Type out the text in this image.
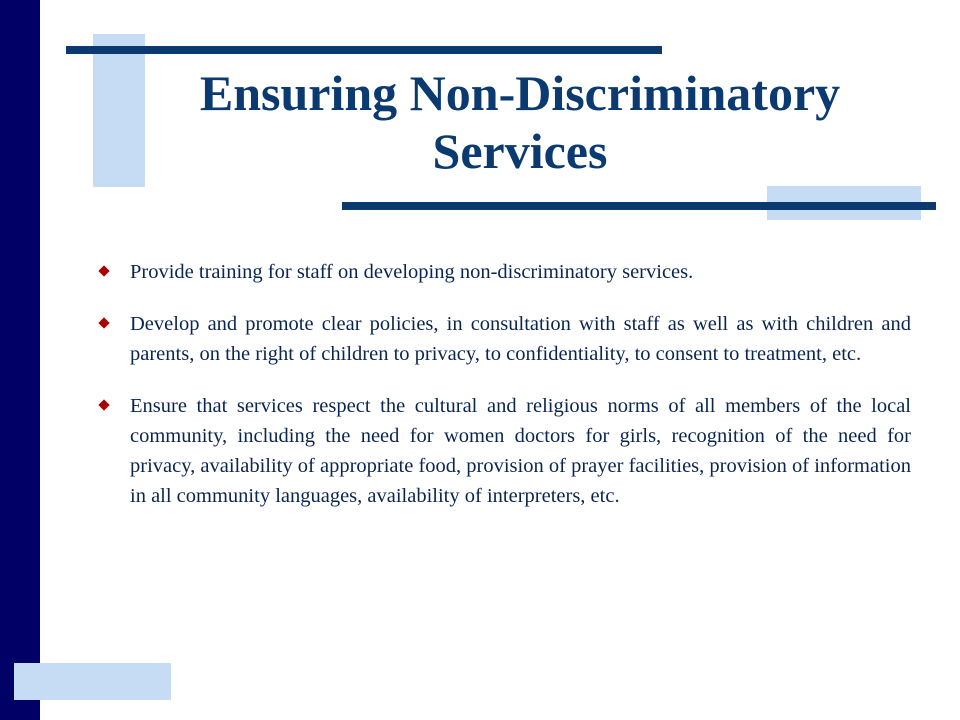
Ensuring Non-Discriminatory
Services
Provide training for staff on developing non-discriminatory services.
Develop and promote clear policies, in consultation with staff as well as with children and parents, on the right of children to privacy, to confidentiality, to consent to treatment, etc.
Ensure that services respect the cultural and religious norms of all members of the local community, including the need for women doctors for girls, recognition of the need for privacy, availability of appropriate food, provision of prayer facilities, provision of information in all community languages, availability of interpreters, etc.
